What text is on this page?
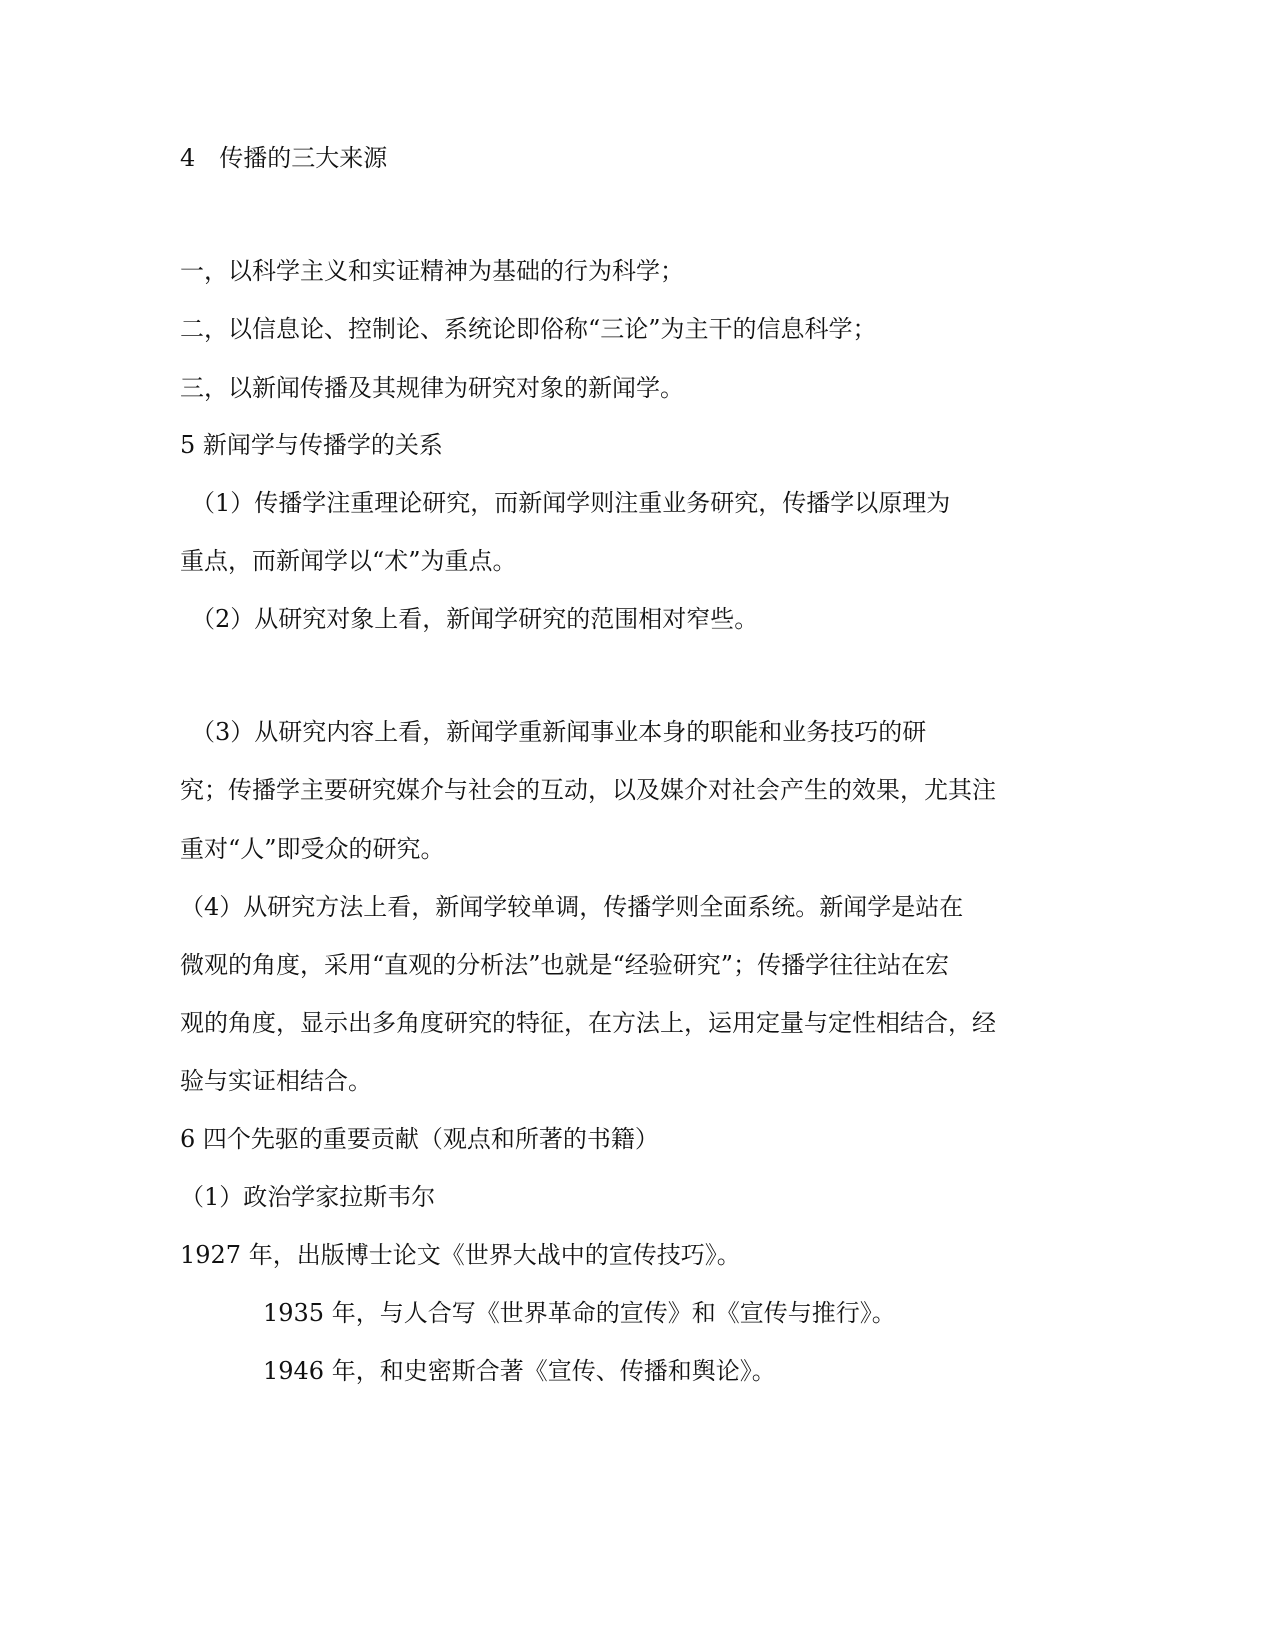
4　传播的三大来源
一，以科学主义和实证精神为基础的行为科学；
二，以信息论、控制论、系统论即俗称“三论”为主干的信息科学；
三，以新闻传播及其规律为研究对象的新闻学。
5 新闻学与传播学的关系
（1）传播学注重理论研究，而新闻学则注重业务研究，传播学以原理为
重点，而新闻学以“术”为重点。
（2）从研究对象上看，新闻学研究的范围相对窄些。
（3）从研究内容上看，新闻学重新闻事业本身的职能和业务技巧的研
究；传播学主要研究媒介与社会的互动，以及媒介对社会产生的效果，尤其注
重对“人”即受众的研究。
（4）从研究方法上看，新闻学较单调，传播学则全面系统。新闻学是站在
微观的角度，采用“直观的分析法”也就是“经验研究”；传播学往往站在宏
观的角度，显示出多角度研究的特征，在方法上，运用定量与定性相结合，经
验与实证相结合。
6 四个先驱的重要贡献（观点和所著的书籍）
（1）政治学家拉斯韦尔
1927 年，出版博士论文《世界大战中的宣传技巧》。
1935 年，与人合写《世界革命的宣传》和《宣传与推行》。
1946 年，和史密斯合著《宣传、传播和舆论》。
